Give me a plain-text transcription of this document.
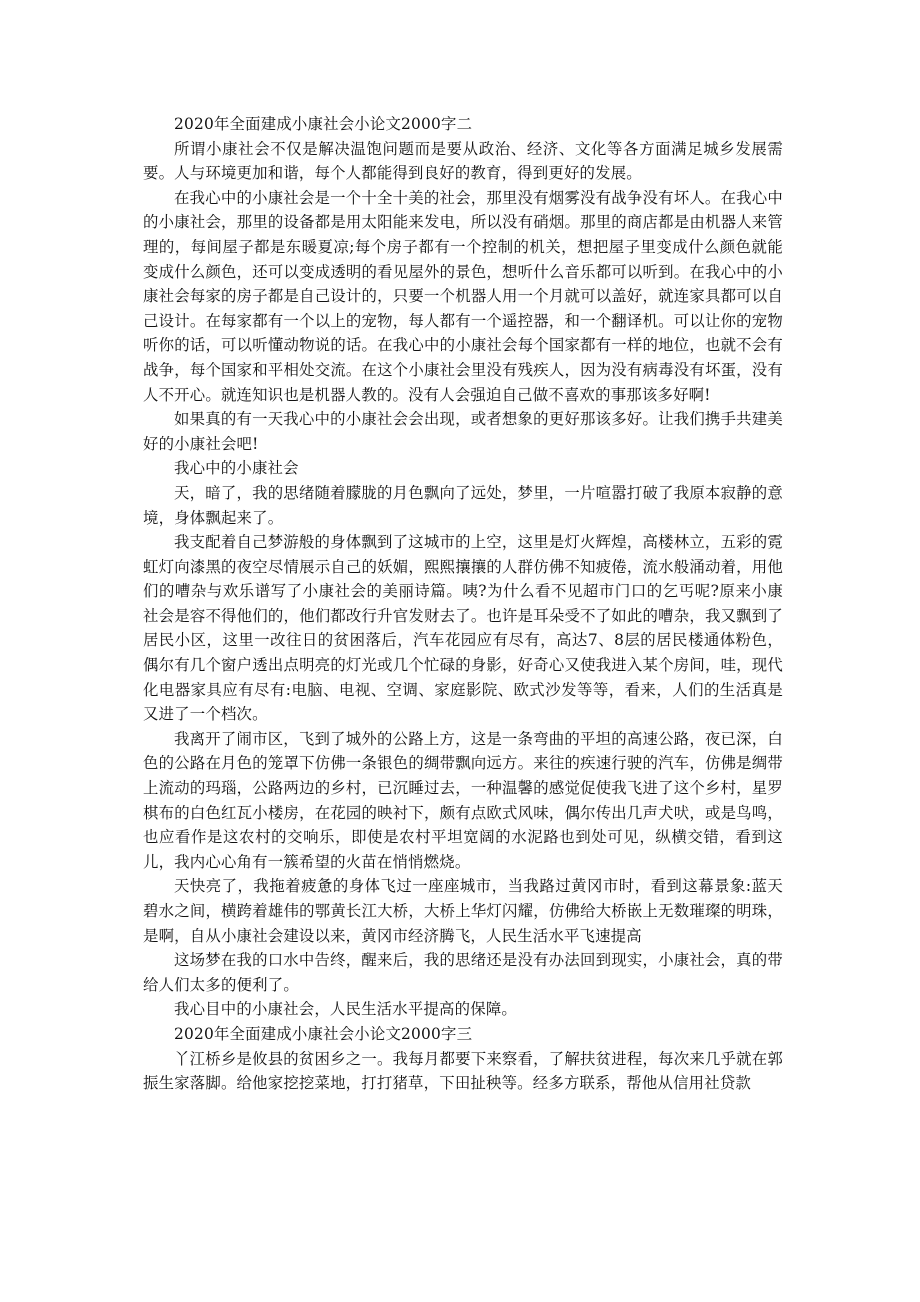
2020年全面建成小康社会小论文2000字二

所谓小康社会不仅是解决温饱问题而是要从政治、经济、文化等各方面满足城乡发展需要。人与环境更加和谐，每个人都能得到良好的教育，得到更好的发展。

在我心中的小康社会是一个十全十美的社会，那里没有烟雾没有战争没有坏人。在我心中的小康社会，那里的设备都是用太阳能来发电，所以没有硝烟。那里的商店都是由机器人来管理的，每间屋子都是东暖夏凉;每个房子都有一个控制的机关，想把屋子里变成什么颜色就能变成什么颜色，还可以变成透明的看见屋外的景色，想听什么音乐都可以听到。在我心中的小康社会每家的房子都是自己设计的，只要一个机器人用一个月就可以盖好，就连家具都可以自己设计。在每家都有一个以上的宠物，每人都有一个遥控器，和一个翻译机。可以让你的宠物听你的话，可以听懂动物说的话。在我心中的小康社会每个国家都有一样的地位，也就不会有战争，每个国家和平相处交流。在这个小康社会里没有残疾人，因为没有病毒没有坏蛋，没有人不开心。就连知识也是机器人教的。没有人会强迫自己做不喜欢的事那该多好啊!

如果真的有一天我心中的小康社会会出现，或者想象的更好那该多好。让我们携手共建美好的小康社会吧!

我心中的小康社会

天，暗了，我的思绪随着朦胧的月色飘向了远处，梦里，一片喧嚣打破了我原本寂静的意境，身体飘起来了。

我支配着自己梦游般的身体飘到了这城市的上空，这里是灯火辉煌，高楼林立，五彩的霓虹灯向漆黑的夜空尽情展示自己的妖媚，熙熙攘攘的人群仿佛不知疲倦，流水般涌动着，用他们的嘈杂与欢乐谱写了小康社会的美丽诗篇。咦?为什么看不见超市门口的乞丐呢?原来小康社会是容不得他们的，他们都改行升官发财去了。也许是耳朵受不了如此的嘈杂，我又飘到了居民小区，这里一改往日的贫困落后，汽车花园应有尽有，高达7、8层的居民楼通体粉色，偶尔有几个窗户透出点明亮的灯光或几个忙碌的身影，好奇心又使我进入某个房间，哇，现代化电器家具应有尽有:电脑、电视、空调、家庭影院、欧式沙发等等，看来，人们的生活真是又进了一个档次。

我离开了闹市区，飞到了城外的公路上方，这是一条弯曲的平坦的高速公路，夜已深，白色的公路在月色的笼罩下仿佛一条银色的绸带飘向远方。来往的疾速行驶的汽车，仿佛是绸带上流动的玛瑙，公路两边的乡村，已沉睡过去，一种温馨的感觉促使我飞进了这个乡村，星罗棋布的白色红瓦小楼房，在花园的映衬下，颇有点欧式风味，偶尔传出几声犬吠，或是鸟鸣，也应看作是这农村的交响乐，即使是农村平坦宽阔的水泥路也到处可见，纵横交错，看到这儿，我内心心角有一簇希望的火苗在悄悄燃烧。

天快亮了，我拖着疲惫的身体飞过一座座城市，当我路过黄冈市时，看到这幕景象:蓝天碧水之间，横跨着雄伟的鄂黄长江大桥，大桥上华灯闪耀，仿佛给大桥嵌上无数璀璨的明珠，是啊，自从小康社会建设以来，黄冈市经济腾飞，人民生活水平飞速提高

这场梦在我的口水中告终，醒来后，我的思绪还是没有办法回到现实，小康社会，真的带给人们太多的便利了。

我心目中的小康社会，人民生活水平提高的保障。

2020年全面建成小康社会小论文2000字三

丫江桥乡是攸县的贫困乡之一。我每月都要下来察看，了解扶贫进程，每次来几乎就在郭振生家落脚。给他家挖挖菜地，打打猪草，下田扯秧等。经多方联系，帮他从信用社贷款
